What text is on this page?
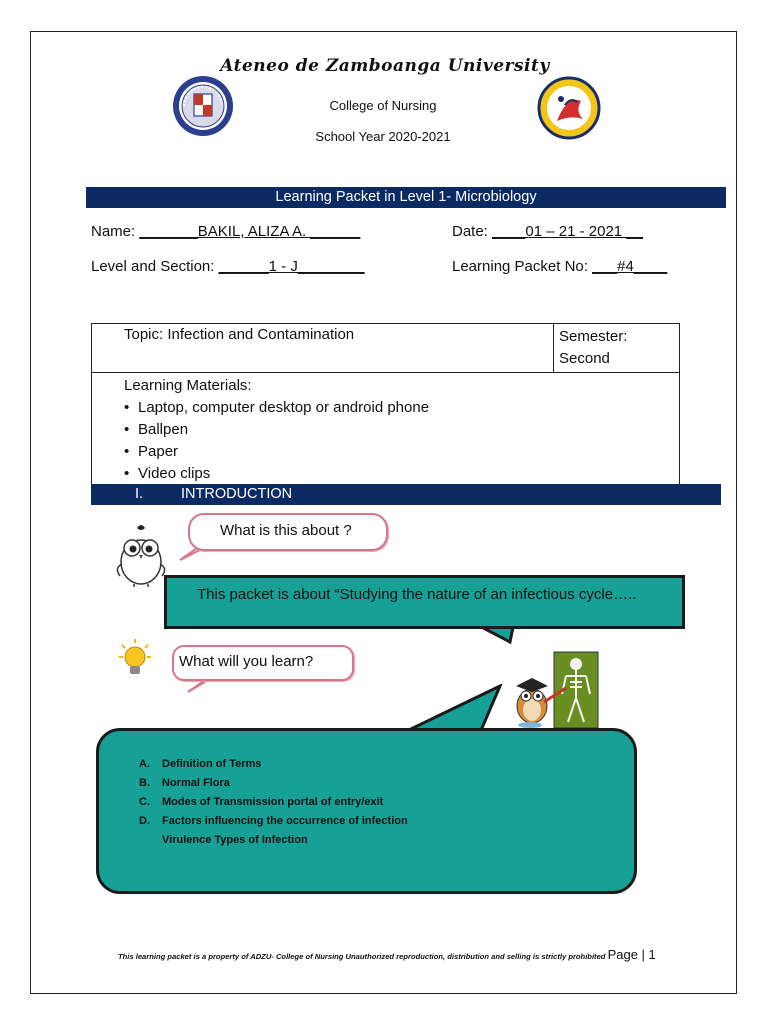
Ateneo de Zamboanga University
College of Nursing
School Year 2020-2021
Learning Packet in Level 1- Microbiology
Name: _______BAKIL, ALIZA A. ______	Date: ____01 – 21 - 2021 __
Level and Section: ______1 - J________	Learning Packet No: ___#4____
Topic: Infection and Contamination	Semester:
Second

Learning Materials:
• Laptop, computer desktop or android phone
• Ballpen
• Paper
• Video clips
I.	INTRODUCTION
What is this about ?
This packet is about “Studying the nature of an infectious cycle…..
What will you learn?
A. Definition of Terms
B. Normal Flora
C. Modes of Transmission portal of entry/exit
D. Factors influencing the occurrence of infection
Virulence Types of Infection
This learning packet is a property of ADZU- College of Nursing Unauthorized reproduction, distribution and selling is strictly prohibited Page | 1
